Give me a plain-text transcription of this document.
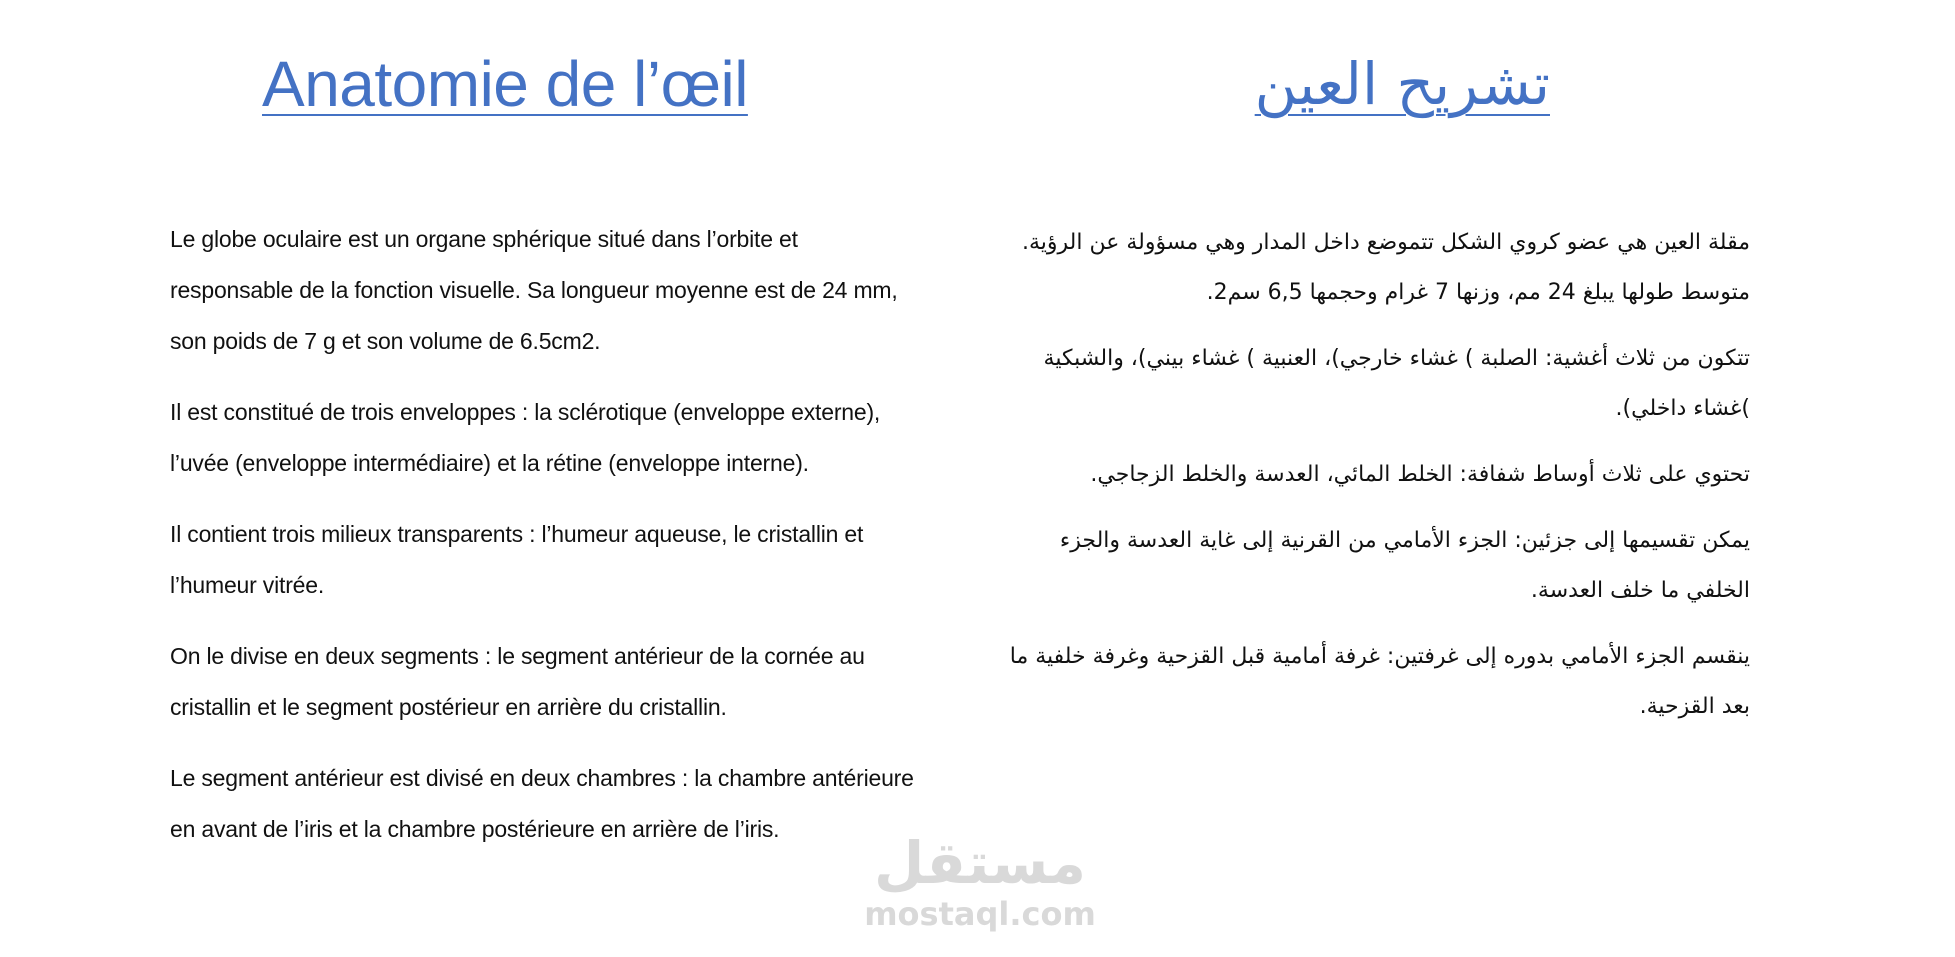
Anatomie de l’œil

Le globe oculaire est un organe sphérique situé dans l’orbite et responsable de la fonction visuelle. Sa longueur moyenne est de 24 mm, son poids de 7 g et son volume de 6.5cm2.

Il est constitué de trois enveloppes : la sclérotique (enveloppe externe), l’uvée (enveloppe intermédiaire) et la rétine (enveloppe interne).

Il contient trois milieux transparents : l’humeur aqueuse, le cristallin et l’humeur vitrée.

On le divise en deux segments : le segment antérieur de la cornée au cristallin et le segment postérieur en arrière du cristallin.

Le segment antérieur est divisé en deux chambres : la chambre antérieure en avant de l’iris et la chambre postérieure en arrière de l’iris.

تشريح العين

مقلة العين هي عضو كروي الشكل تتموضع داخل المدار وهي مسؤولة عن الرؤية. متوسط طولها يبلغ 24 مم، وزنها 7 غرام وحجمها 6,5 سم2.

تتكون من ثلاث أغشية: الصلبة ) غشاء خارجي)، العنبية ) غشاء بيني)، والشبكية )غشاء داخلي).

تحتوي على ثلاث أوساط شفافة: الخلط المائي، العدسة والخلط الزجاجي.

يمكن تقسيمها إلى جزئين: الجزء الأمامي من القرنية إلى غاية العدسة والجزء الخلفي ما خلف العدسة.

ينقسم الجزء الأمامي بدوره إلى غرفتين: غرفة أمامية قبل القزحية وغرفة خلفية ما بعد القزحية.

مستقل
mostaql.com
